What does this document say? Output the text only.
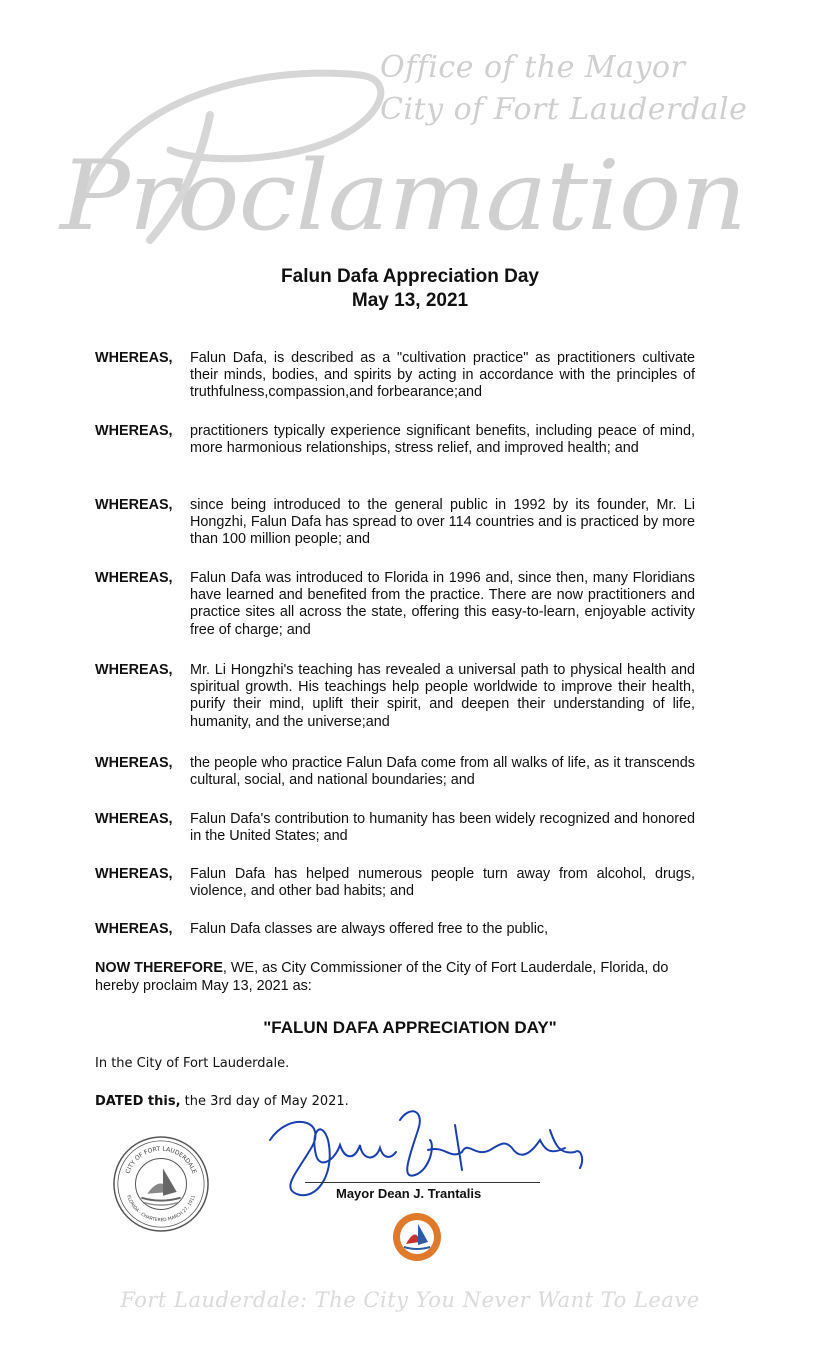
Office of the Mayor
City of Fort Lauderdale
Proclamation
Falun Dafa Appreciation Day
May 13, 2021
WHEREAS,	Falun Dafa, is described as a "cultivation practice" as practitioners cultivate their minds, bodies, and spirits by acting in accordance with the principles of truthfulness,compassion,and forbearance;and
WHEREAS,	practitioners typically experience significant benefits, including peace of mind, more harmonious relationships, stress relief, and improved health; and
WHEREAS,	since being introduced to the general public in 1992 by its founder, Mr. Li Hongzhi, Falun Dafa has spread to over 114 countries and is practiced by more than 100 million people; and
WHEREAS,	Falun Dafa was introduced to Florida in 1996 and, since then, many Floridians have learned and benefited from the practice. There are now practitioners and practice sites all across the state, offering this easy-to-learn, enjoyable activity free of charge; and
WHEREAS,	Mr. Li Hongzhi's teaching has revealed a universal path to physical health and spiritual growth. His teachings help people worldwide to improve their health, purify their mind, uplift their spirit, and deepen their understanding of life, humanity, and the universe;and
WHEREAS,	the people who practice Falun Dafa come from all walks of life, as it transcends cultural, social, and national boundaries; and
WHEREAS,	Falun Dafa's contribution to humanity has been widely recognized and honored in the United States; and
WHEREAS,	Falun Dafa has helped numerous people turn away from alcohol, drugs, violence, and other bad habits; and
WHEREAS,	Falun Dafa classes are always offered free to the public,
NOW THEREFORE, WE, as City Commissioner of the City of Fort Lauderdale, Florida, do hereby proclaim May 13, 2021 as:
"FALUN DAFA APPRECIATION DAY"
In the City of Fort Lauderdale.
DATED this, the 3rd day of May 2021.
CITY OF FORT LAUDERDALE
FLORIDA · CHARTERED MARCH 27, 1911	Mayor Dean J. Trantalis
Fort Lauderdale: The City You Never Want To Leave
